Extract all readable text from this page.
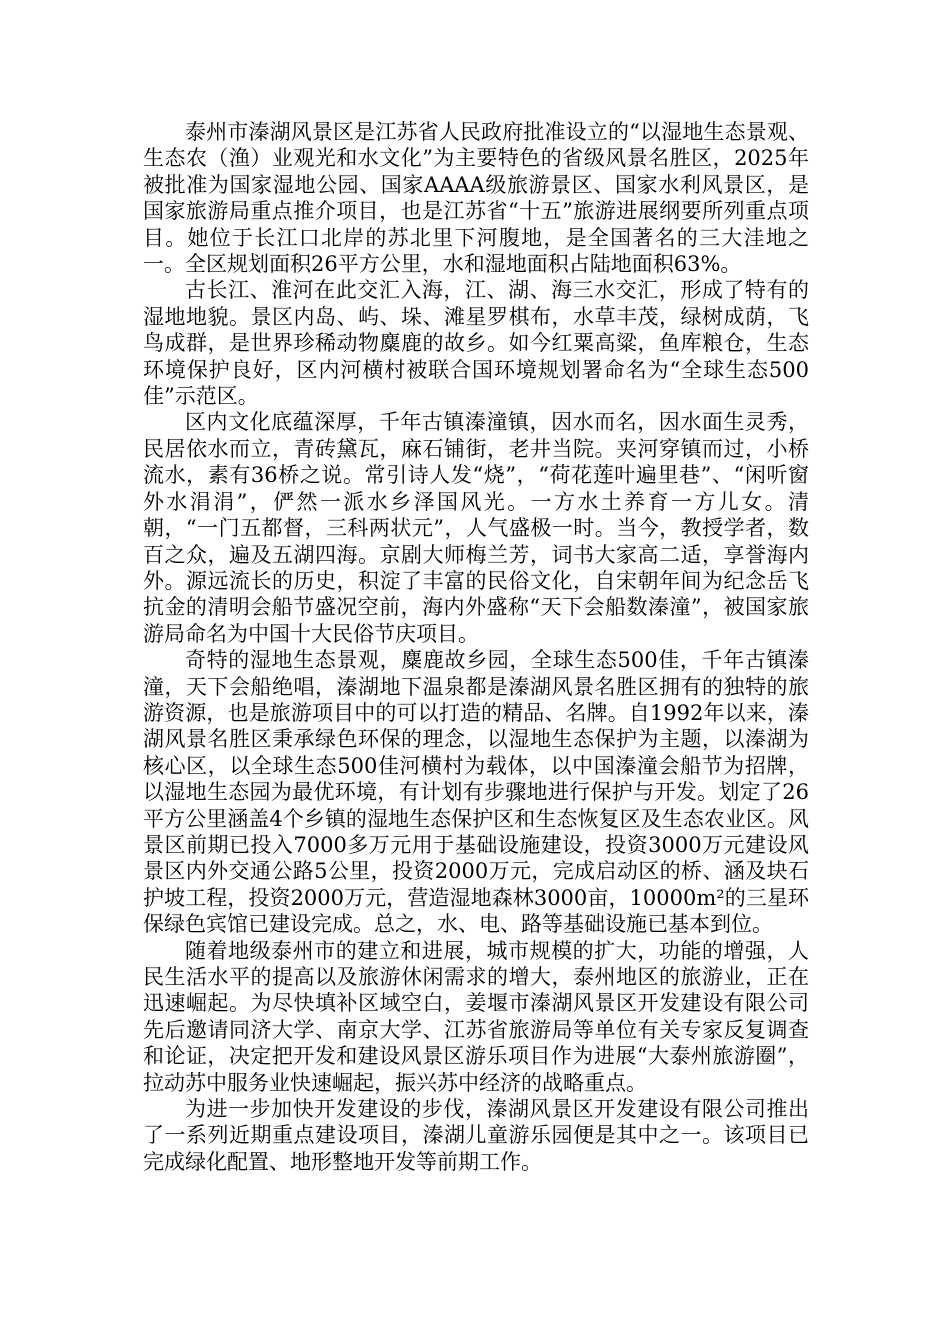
泰州市溱湖风景区是江苏省人民政府批准设立的“以湿地生态景观、生态农（渔）业观光和水文化”为主要特色的省级风景名胜区，2025年被批准为国家湿地公园、国家AAAA级旅游景区、国家水利风景区，是国家旅游局重点推介项目，也是江苏省“十五”旅游进展纲要所列重点项目。她位于长江口北岸的苏北里下河腹地，是全国著名的三大洼地之一。全区规划面积26平方公里，水和湿地面积占陆地面积63%。

古长江、淮河在此交汇入海，江、湖、海三水交汇，形成了特有的湿地地貌。景区内岛、屿、垛、滩星罗棋布，水草丰茂，绿树成荫，飞鸟成群，是世界珍稀动物麋鹿的故乡。如今红粟高粱，鱼库粮仓，生态环境保护良好，区内河横村被联合国环境规划署命名为“全球生态500佳”示范区。

区内文化底蕴深厚，千年古镇溱潼镇，因水而名，因水面生灵秀，民居依水而立，青砖黛瓦，麻石铺街，老井当院。夹河穿镇而过，小桥流水，素有36桥之说。常引诗人发“烧”，“荷花莲叶遍里巷”、“闲听窗外水涓涓”，俨然一派水乡泽国风光。一方水土养育一方儿女。清朝，“一门五都督，三科两状元”，人气盛极一时。当今，教授学者，数百之众，遍及五湖四海。京剧大师梅兰芳，词书大家高二适，享誉海内外。源远流长的历史，积淀了丰富的民俗文化，自宋朝年间为纪念岳飞抗金的清明会船节盛况空前，海内外盛称“天下会船数溱潼”，被国家旅游局命名为中国十大民俗节庆项目。

奇特的湿地生态景观，麋鹿故乡园，全球生态500佳，千年古镇溱潼，天下会船绝唱，溱湖地下温泉都是溱湖风景名胜区拥有的独特的旅游资源，也是旅游项目中的可以打造的精品、名牌。自1992年以来，溱湖风景名胜区秉承绿色环保的理念，以湿地生态保护为主题，以溱湖为核心区，以全球生态500佳河横村为载体，以中国溱潼会船节为招牌，以湿地生态园为最优环境，有计划有步骤地进行保护与开发。划定了26平方公里涵盖4个乡镇的湿地生态保护区和生态恢复区及生态农业区。风景区前期已投入7000多万元用于基础设施建设，投资3000万元建设风景区内外交通公路5公里，投资2000万元，完成启动区的桥、涵及块石护坡工程，投资2000万元，营造湿地森林3000亩，10000m²的三星环保绿色宾馆已建设完成。总之，水、电、路等基础设施已基本到位。

随着地级泰州市的建立和进展，城市规模的扩大，功能的增强，人民生活水平的提高以及旅游休闲需求的增大，泰州地区的旅游业，正在迅速崛起。为尽快填补区域空白，姜堰市溱湖风景区开发建设有限公司先后邀请同济大学、南京大学、江苏省旅游局等单位有关专家反复调查和论证，决定把开发和建设风景区游乐项目作为进展“大泰州旅游圈”，拉动苏中服务业快速崛起，振兴苏中经济的战略重点。

为进一步加快开发建设的步伐，溱湖风景区开发建设有限公司推出了一系列近期重点建设项目，溱湖儿童游乐园便是其中之一。该项目已完成绿化配置、地形整地开发等前期工作。
